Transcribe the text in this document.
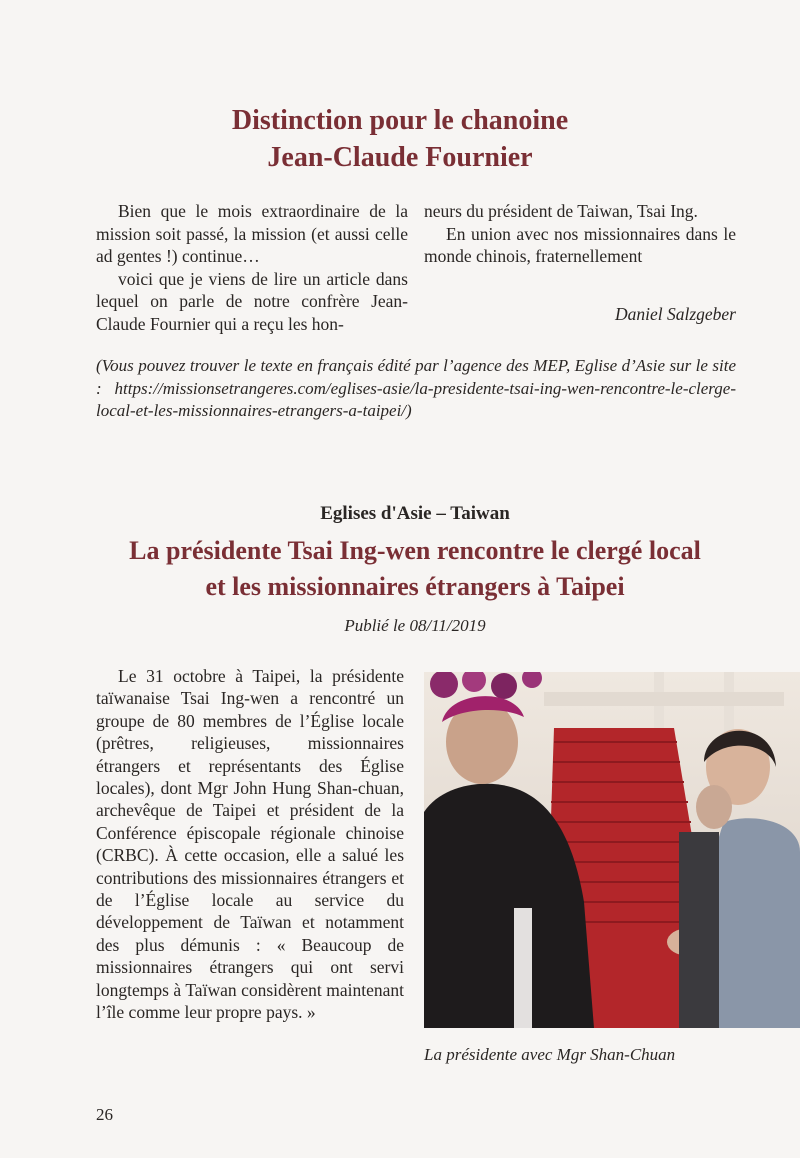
Distinction pour le chanoine
Jean-Claude Fournier

Bien que le mois extraordinaire de la mission soit passé, la mission (et aussi celle ad gentes !) continue…

voici que je viens de lire un article dans lequel on parle de notre confrère Jean-Claude Fournier qui a reçu les hon-

neurs du président de Taiwan, Tsai Ing.

En union avec nos missionnaires dans le monde chinois, fraternellement

Daniel Salzgeber
(Vous pouvez trouver le texte en français édité par l’agence des MEP, Eglise d’Asie sur le site : https://missionsetrangeres.com/eglises-asie/la-presidente-tsai-ing-wen-rencontre-le-clerge-local-et-les-missionnaires-etrangers-a-taipei/)
Eglises d'Asie – Taiwan
La présidente Tsai Ing-wen rencontre le clergé local
et les missionnaires étrangers à Taipei
Publié le 08/11/2019

Le 31 octobre à Taipei, la présidente taïwanaise Tsai Ing-wen a rencontré un groupe de 80 membres de l’Église locale (prêtres, religieuses, missionnaires étrangers et représentants des Église locales), dont Mgr John Hung Shan-chuan, archevêque de Taipei et président de la Conférence épiscopale régionale chinoise (CRBC). À cette occasion, elle a salué les contributions des missionnaires étrangers et de l’Église locale au service du développement de Taïwan et notamment des plus démunis : « Beaucoup de missionnaires étrangers qui ont servi longtemps à Taïwan considèrent maintenant l’île comme leur propre pays. »

La présidente avec Mgr Shan-Chuan
26
